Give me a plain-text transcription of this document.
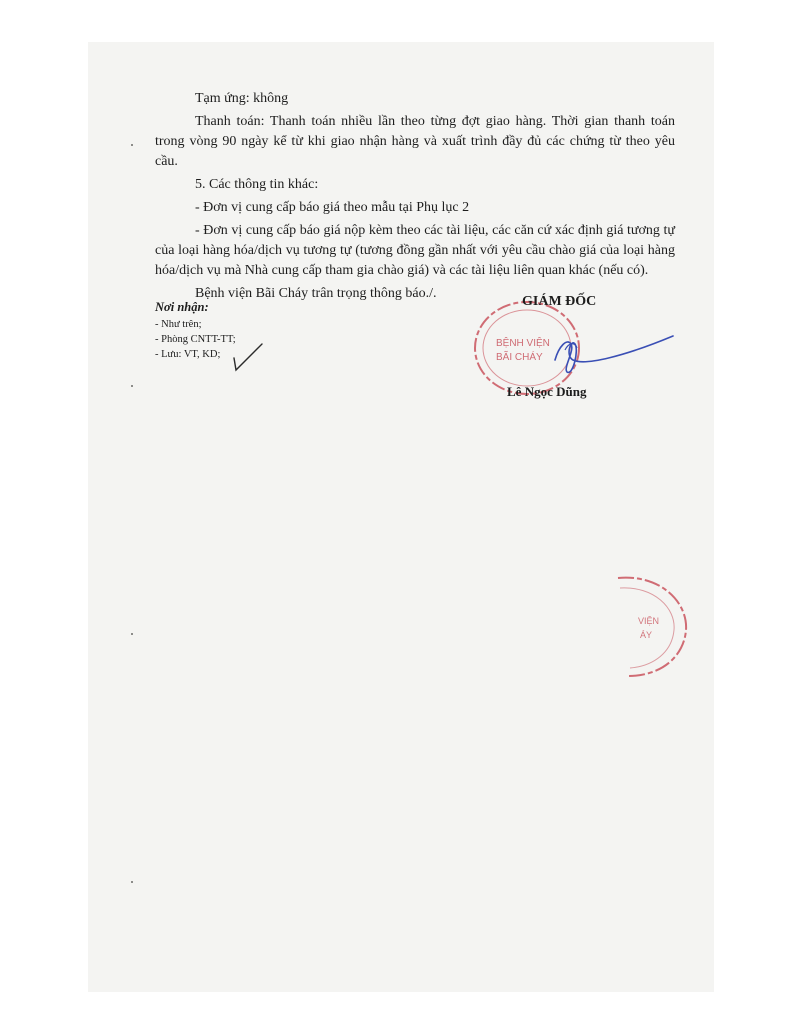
Tạm ứng: không

Thanh toán: Thanh toán nhiều lần theo từng đợt giao hàng. Thời gian thanh toán trong vòng 90 ngày kể từ khi giao nhận hàng và xuất trình đầy đủ các chứng từ theo yêu cầu.

5. Các thông tin khác:

- Đơn vị cung cấp báo giá theo mẫu tại Phụ lục 2

- Đơn vị cung cấp báo giá nộp kèm theo các tài liệu, các căn cứ xác định giá tương tự của loại hàng hóa/dịch vụ tương tự (tương đồng gần nhất với yêu cầu chào giá của loại hàng hóa/dịch vụ mà Nhà cung cấp tham gia chào giá) và các tài liệu liên quan khác (nếu có).

Bệnh viện Bãi Cháy trân trọng thông báo./.

Nơi nhận:
- Như trên;
- Phòng CNTT-TT;
- Lưu: VT, KD;
BỆNH VIỆN
BÃI CHÁY
GIÁM ĐỐC
Lê Ngọc Dũng
VIỆN
ÁY
